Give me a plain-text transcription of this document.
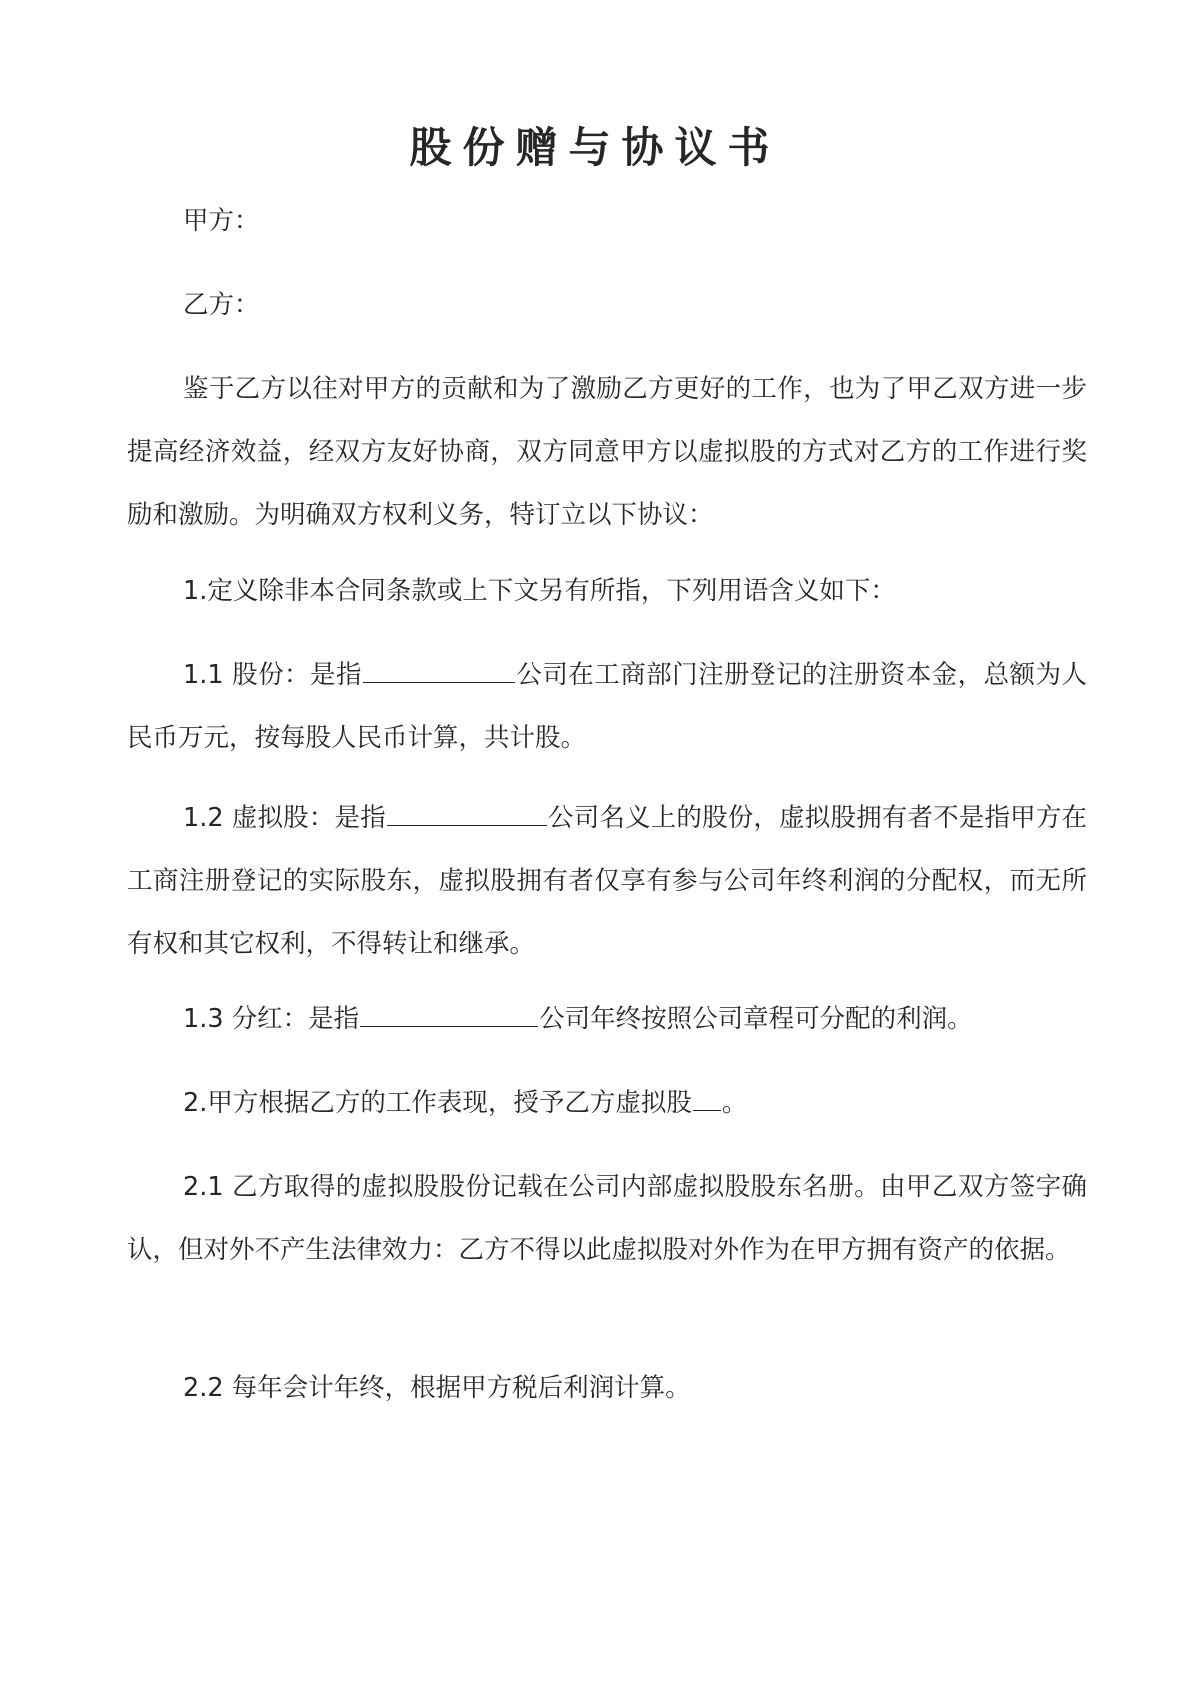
股份赠与协议书

甲方：

乙方：

鉴于乙方以往对甲方的贡献和为了激励乙方更好的工作，也为了甲乙双方进一步提高经济效益，经双方友好协商，双方同意甲方以虚拟股的方式对乙方的工作进行奖励和激励。为明确双方权利义务，特订立以下协议：

1.定义除非本合同条款或上下文另有所指，下列用语含义如下：

1.1 股份：是指	公司在工商部门注册登记的注册资本金，总额为人民币万元，按每股人民币计算，共计股。

1.2 虚拟股：是指	公司名义上的股份，虚拟股拥有者不是指甲方在工商注册登记的实际股东，虚拟股拥有者仅享有参与公司年终利润的分配权，而无所有权和其它权利，不得转让和继承。

1.3 分红：是指	公司年终按照公司章程可分配的利润。

2.甲方根据乙方的工作表现，授予乙方虚拟股 。

2.1 乙方取得的虚拟股股份记载在公司内部虚拟股股东名册。由甲乙双方签字确认，但对外不产生法律效力：乙方不得以此虚拟股对外作为在甲方拥有资产的依据。

2.2 每年会计年终，根据甲方税后利润计算。
